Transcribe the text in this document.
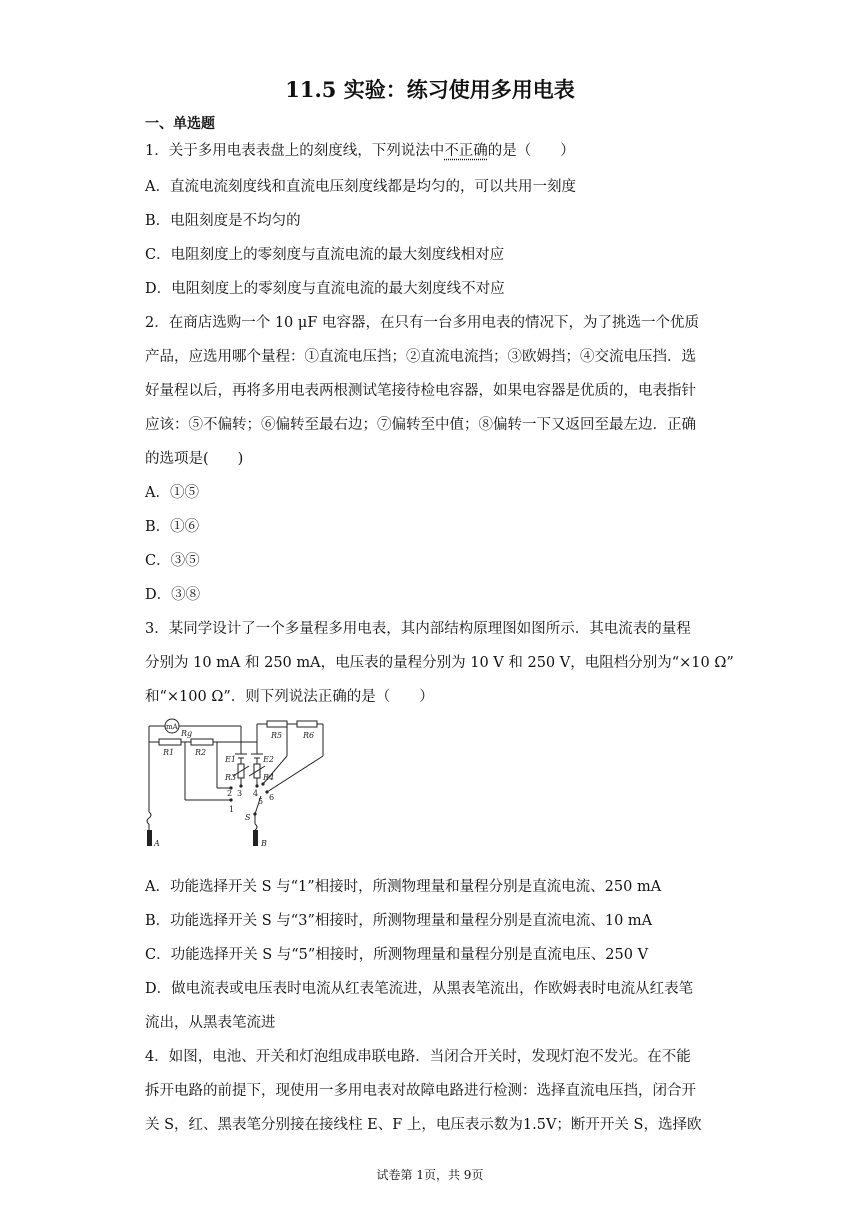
11.5 实验：练习使用多用电表
一、单选题
1．关于多用电表表盘上的刻度线，下列说法中不正确的是（　　）
A．直流电流刻度线和直流电压刻度线都是均匀的，可以共用一刻度
B．电阻刻度是不均匀的
C．电阻刻度上的零刻度与直流电流的最大刻度线相对应
D．电阻刻度上的零刻度与直流电流的最大刻度线不对应
2．在商店选购一个 10 μF 电容器，在只有一台多用电表的情况下，为了挑选一个优质
产品，应选用哪个量程：①直流电压挡；②直流电流挡；③欧姆挡；④交流电压挡．选
好量程以后，再将多用电表两根测试笔接待检电容器，如果电容器是优质的，电表指针
应该：⑤不偏转；⑥偏转至最右边；⑦偏转至中值；⑧偏转一下又返回至最左边．正确
的选项是(　　)
A．①⑤
B．①⑥
C．③⑤
D．③⑧
3．某同学设计了一个多量程多用电表，其内部结构原理图如图所示．其电流表的量程
分别为 10 mA 和 250 mA，电压表的量程分别为 10 V 和 250 V，电阻档分别为“×10 Ω”
和“×100 Ω”．则下列说法正确的是（　　）
mA
Rg
R1	R2
E1	E2
R3	R4
R5	R6
1
2 3 4
5 6
S
A	B
A．功能选择开关 S 与“1”相接时，所测物理量和量程分别是直流电流、250 mA
B．功能选择开关 S 与“3”相接时，所测物理量和量程分别是直流电流、10 mA
C．功能选择开关 S 与“5”相接时，所测物理量和量程分别是直流电压、250 V
D．做电流表或电压表时电流从红表笔流进，从黑表笔流出，作欧姆表时电流从红表笔
流出，从黑表笔流进
4．如图，电池、开关和灯泡组成串联电路．当闭合开关时，发现灯泡不发光。在不能
拆开电路的前提下，现使用一多用电表对故障电路进行检测：选择直流电压挡，闭合开
关 S，红、黑表笔分别接在接线柱 E、F 上，电压表示数为1.5V；断开开关 S，选择欧
试卷第 1页，共 9页
